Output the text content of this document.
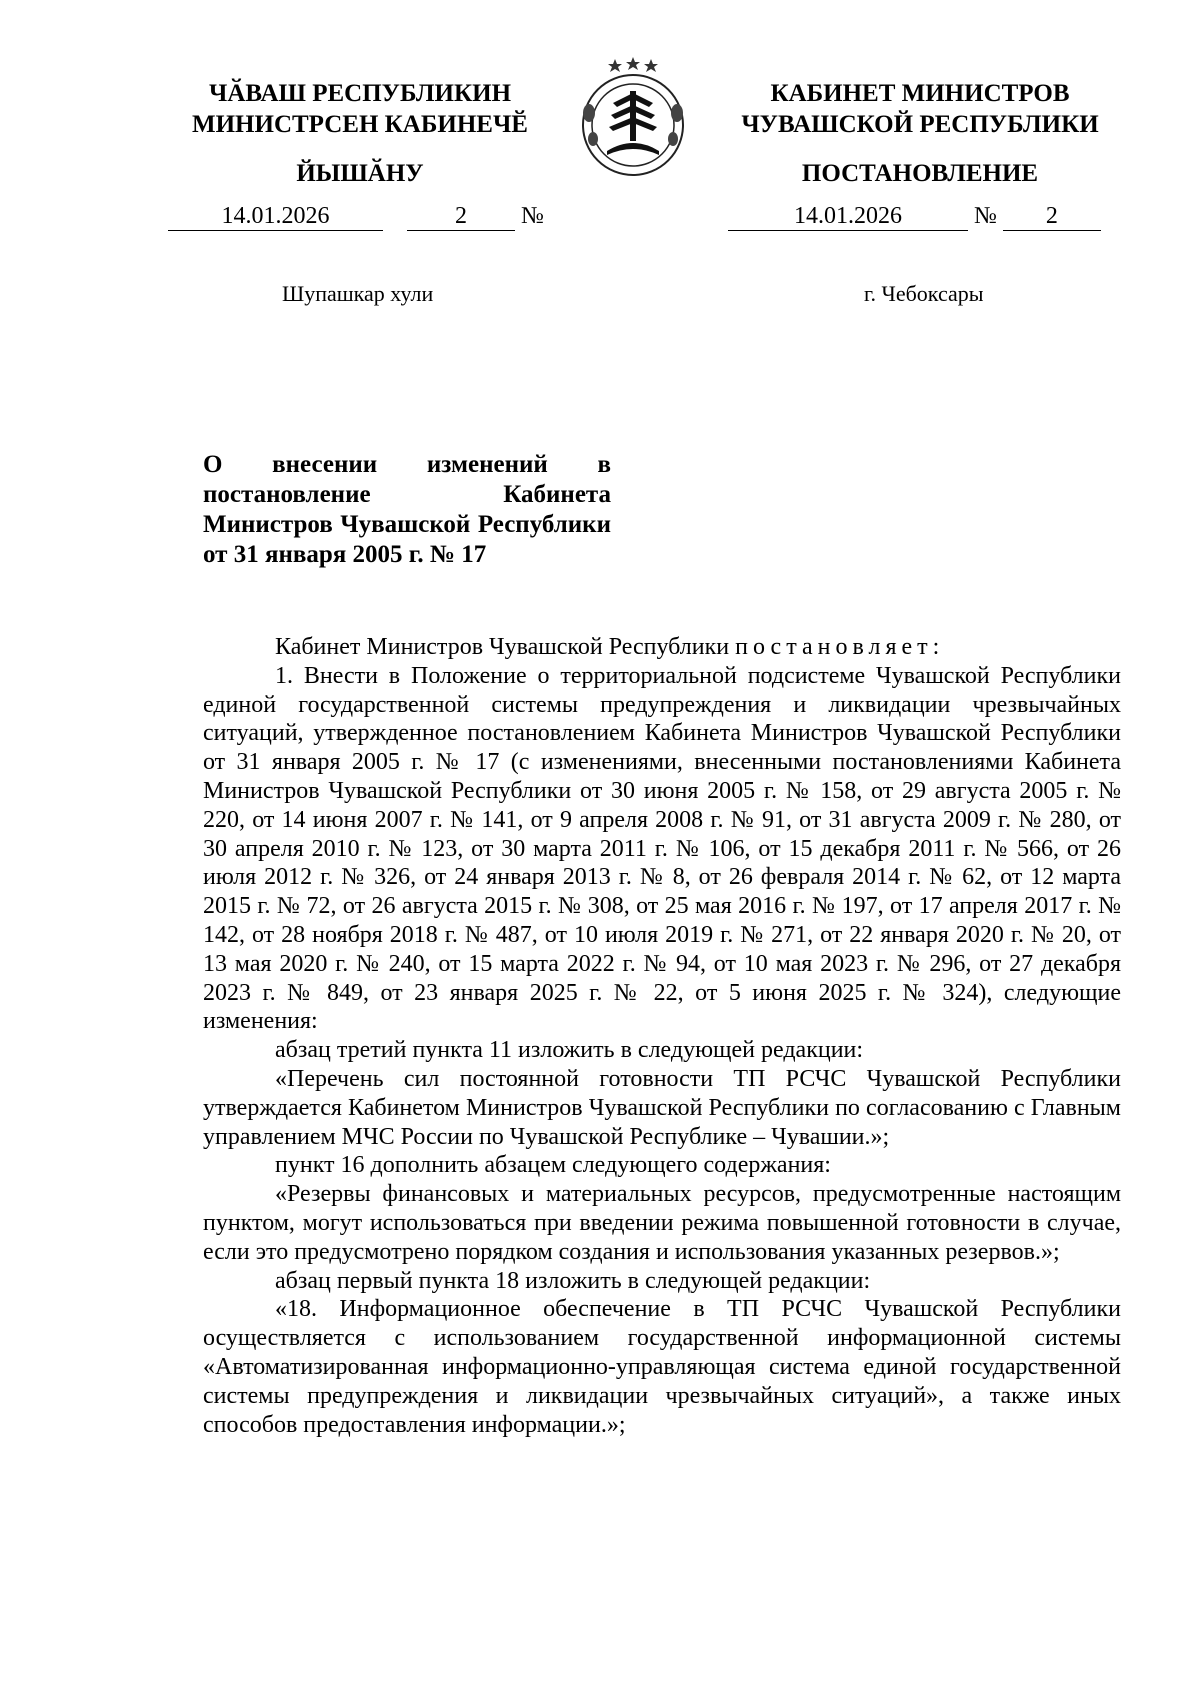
ЧӐВАШ РЕСПУБЛИКИН
МИНИСТРСЕН КАБИНЕЧӖ
ЙЫШӐНУ
КАБИНЕТ МИНИСТРОВ
ЧУВАШСКОЙ РЕСПУБЛИКИ
ПОСТАНОВЛЕНИЕ
14.01.2026	2 №	14.01.2026	№ 2
Шупашкар хули	г. Чебоксары
О внесении изменений в постановление Кабинета Министров Чувашской Республики от 31 января 2005 г. № 17

Кабинет Министров Чувашской Республики постановляет:

1. Внести в Положение о территориальной подсистеме Чувашской Республики единой государственной системы предупреждения и ликвидации чрезвычайных ситуаций, утвержденное постановлением Кабинета Министров Чувашской Республики от 31 января 2005 г. № 17 (с изменениями, внесенными постановлениями Кабинета Министров Чувашской Республики от 30 июня 2005 г. № 158, от 29 августа 2005 г. № 220, от 14 июня 2007 г. № 141, от 9 апреля 2008 г. № 91, от 31 августа 2009 г. № 280, от 30 апреля 2010 г. № 123, от 30 марта 2011 г. № 106, от 15 декабря 2011 г. № 566, от 26 июля 2012 г. № 326, от 24 января 2013 г. № 8, от 26 февраля 2014 г. № 62, от 12 марта 2015 г. № 72, от 26 августа 2015 г. № 308, от 25 мая 2016 г. № 197, от 17 апреля 2017 г. № 142, от 28 ноября 2018 г. № 487, от 10 июля 2019 г. № 271, от 22 января 2020 г. № 20, от 13 мая 2020 г. № 240, от 15 марта 2022 г. № 94, от 10 мая 2023 г. № 296, от 27 декабря 2023 г. № 849, от 23 января 2025 г. № 22, от 5 июня 2025 г. № 324), следующие изменения:

абзац третий пункта 11 изложить в следующей редакции:

«Перечень сил постоянной готовности ТП РСЧС Чувашской Республики утверждается Кабинетом Министров Чувашской Республики по согласованию с Главным управлением МЧС России по Чувашской Республике – Чувашии.»;

пункт 16 дополнить абзацем следующего содержания:

«Резервы финансовых и материальных ресурсов, предусмотренные настоящим пунктом, могут использоваться при введении режима повышенной готовности в случае, если это предусмотрено порядком создания и использования указанных резервов.»;

абзац первый пункта 18 изложить в следующей редакции:

«18. Информационное обеспечение в ТП РСЧС Чувашской Республики осуществляется с использованием государственной информационной системы «Автоматизированная информационно-управляющая система единой государственной системы предупреждения и ликвидации чрезвычайных ситуаций», а также иных способов предоставления информации.»;
